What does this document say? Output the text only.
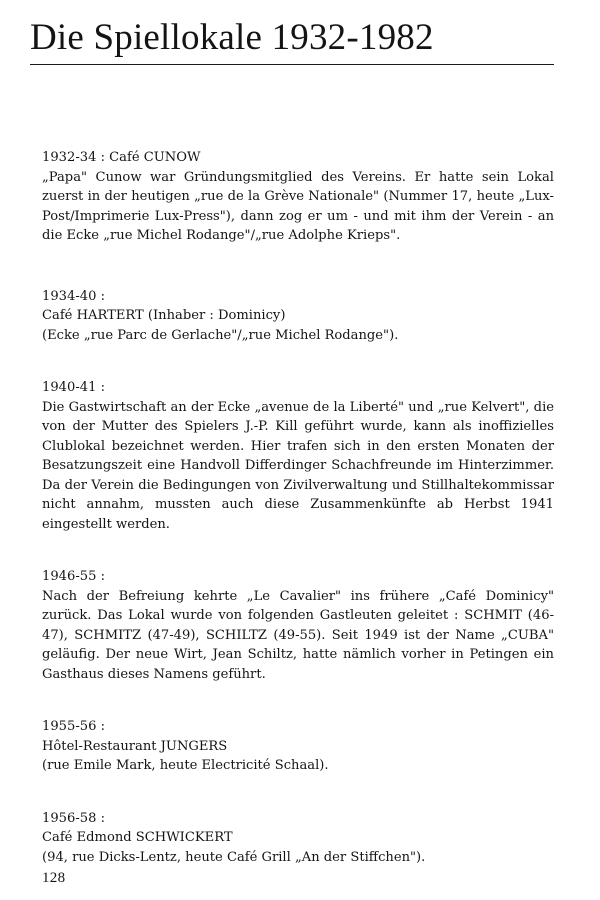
Die Spiellokale 1932-1982
1932-34 : Café CUNOW
„Papa" Cunow war Gründungsmitglied des Vereins. Er hatte sein Lokal zuerst in der heutigen „rue de la Grève Nationale" (Nummer 17, heute „Lux-Post/Imprimerie Lux-Press"), dann zog er um - und mit ihm der Verein - an die Ecke „rue Michel Rodange"/„rue Adolphe Krieps".
1934-40 :
Café HARTERT (Inhaber : Dominicy)
(Ecke „rue Parc de Gerlache"/„rue Michel Rodange").
1940-41 :
Die Gastwirtschaft an der Ecke „avenue de la Liberté" und „rue Kelvert", die von der Mutter des Spielers J.-P. Kill geführt wurde, kann als inoffizielles Clublokal bezeichnet werden. Hier trafen sich in den ersten Monaten der Besatzungszeit eine Handvoll Differdinger Schachfreunde im Hinterzimmer. Da der Verein die Bedingungen von Zivilverwaltung und Stillhaltekommissar nicht annahm, mussten auch diese Zusammenkünfte ab Herbst 1941 eingestellt werden.
1946-55 :
Nach der Befreiung kehrte „Le Cavalier" ins frühere „Café Dominicy" zurück. Das Lokal wurde von folgenden Gastleuten geleitet : SCHMIT (46-47), SCHMITZ (47-49), SCHILTZ (49-55). Seit 1949 ist der Name „CUBA" geläufig. Der neue Wirt, Jean Schiltz, hatte nämlich vorher in Petingen ein Gasthaus dieses Namens geführt.
1955-56 :
Hôtel-Restaurant JUNGERS
(rue Emile Mark, heute Electricité Schaal).
1956-58 :
Café Edmond SCHWICKERT
(94, rue Dicks-Lentz, heute Café Grill „An der Stiffchen").
128
